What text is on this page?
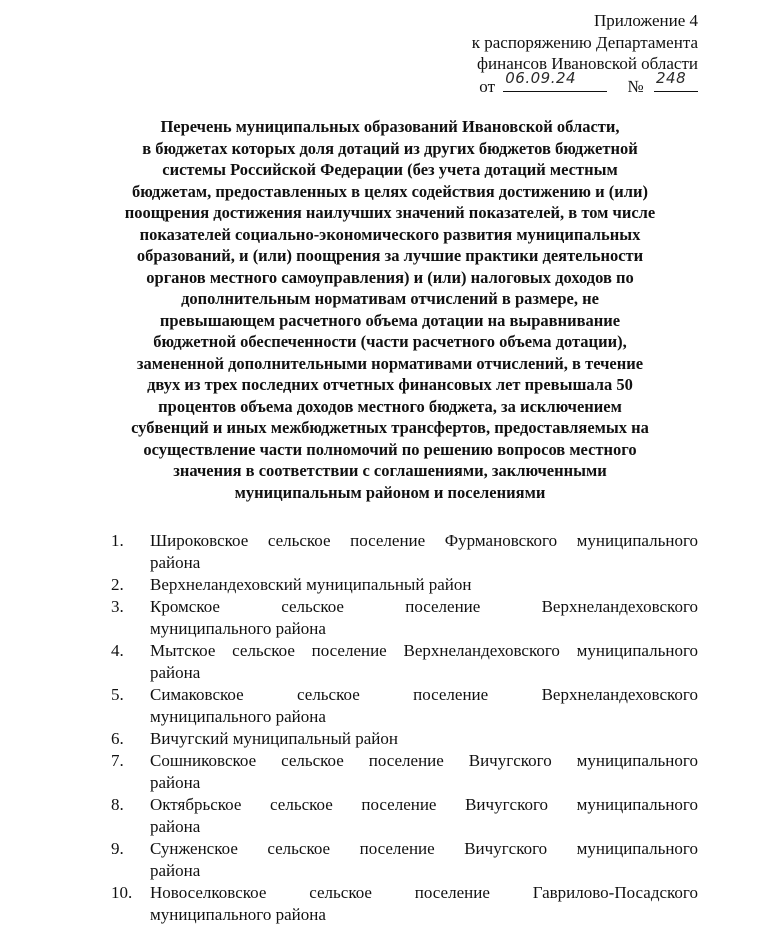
Приложение 4
к распоряжению Департамента
финансов Ивановской области
от 06.09.24	№ 248
Перечень муниципальных образований Ивановской области,
в бюджетах которых доля дотаций из других бюджетов бюджетной
системы Российской Федерации (без учета дотаций местным
бюджетам, предоставленных в целях содействия достижению и (или)
поощрения достижения наилучших значений показателей, в том числе
показателей социально-экономического развития муниципальных
образований, и (или) поощрения за лучшие практики деятельности
органов местного самоуправления) и (или) налоговых доходов по
дополнительным нормативам отчислений в размере, не
превышающем расчетного объема дотации на выравнивание
бюджетной обеспеченности (части расчетного объема дотации),
замененной дополнительными нормативами отчислений, в течение
двух из трех последних отчетных финансовых лет превышала 50
процентов объема доходов местного бюджета, за исключением
субвенций и иных межбюджетных трансфертов, предоставляемых на
осуществление части полномочий по решению вопросов местного
значения в соответствии с соглашениями, заключенными
муниципальным районом и поселениями
1.	Широковское сельское поселение Фурмановского муниципального
района
2.	Верхнеландеховский муниципальный район
3.	Кромское	сельское	поселение	Верхнеландеховского
муниципального района
4.	Мытское сельское поселение Верхнеландеховского муниципального
района
5.	Симаковское	сельское	поселение	Верхнеландеховского
муниципального района
6.	Вичугский муниципальный район
7.	Сошниковское сельское поселение Вичугского муниципального
района
8.	Октябрьское сельское поселение Вичугского муниципального
района
9.	Сунженское сельское поселение Вичугского муниципального
района
10.	Новоселковское	сельское	поселение	Гаврилово-Посадского
муниципального района
